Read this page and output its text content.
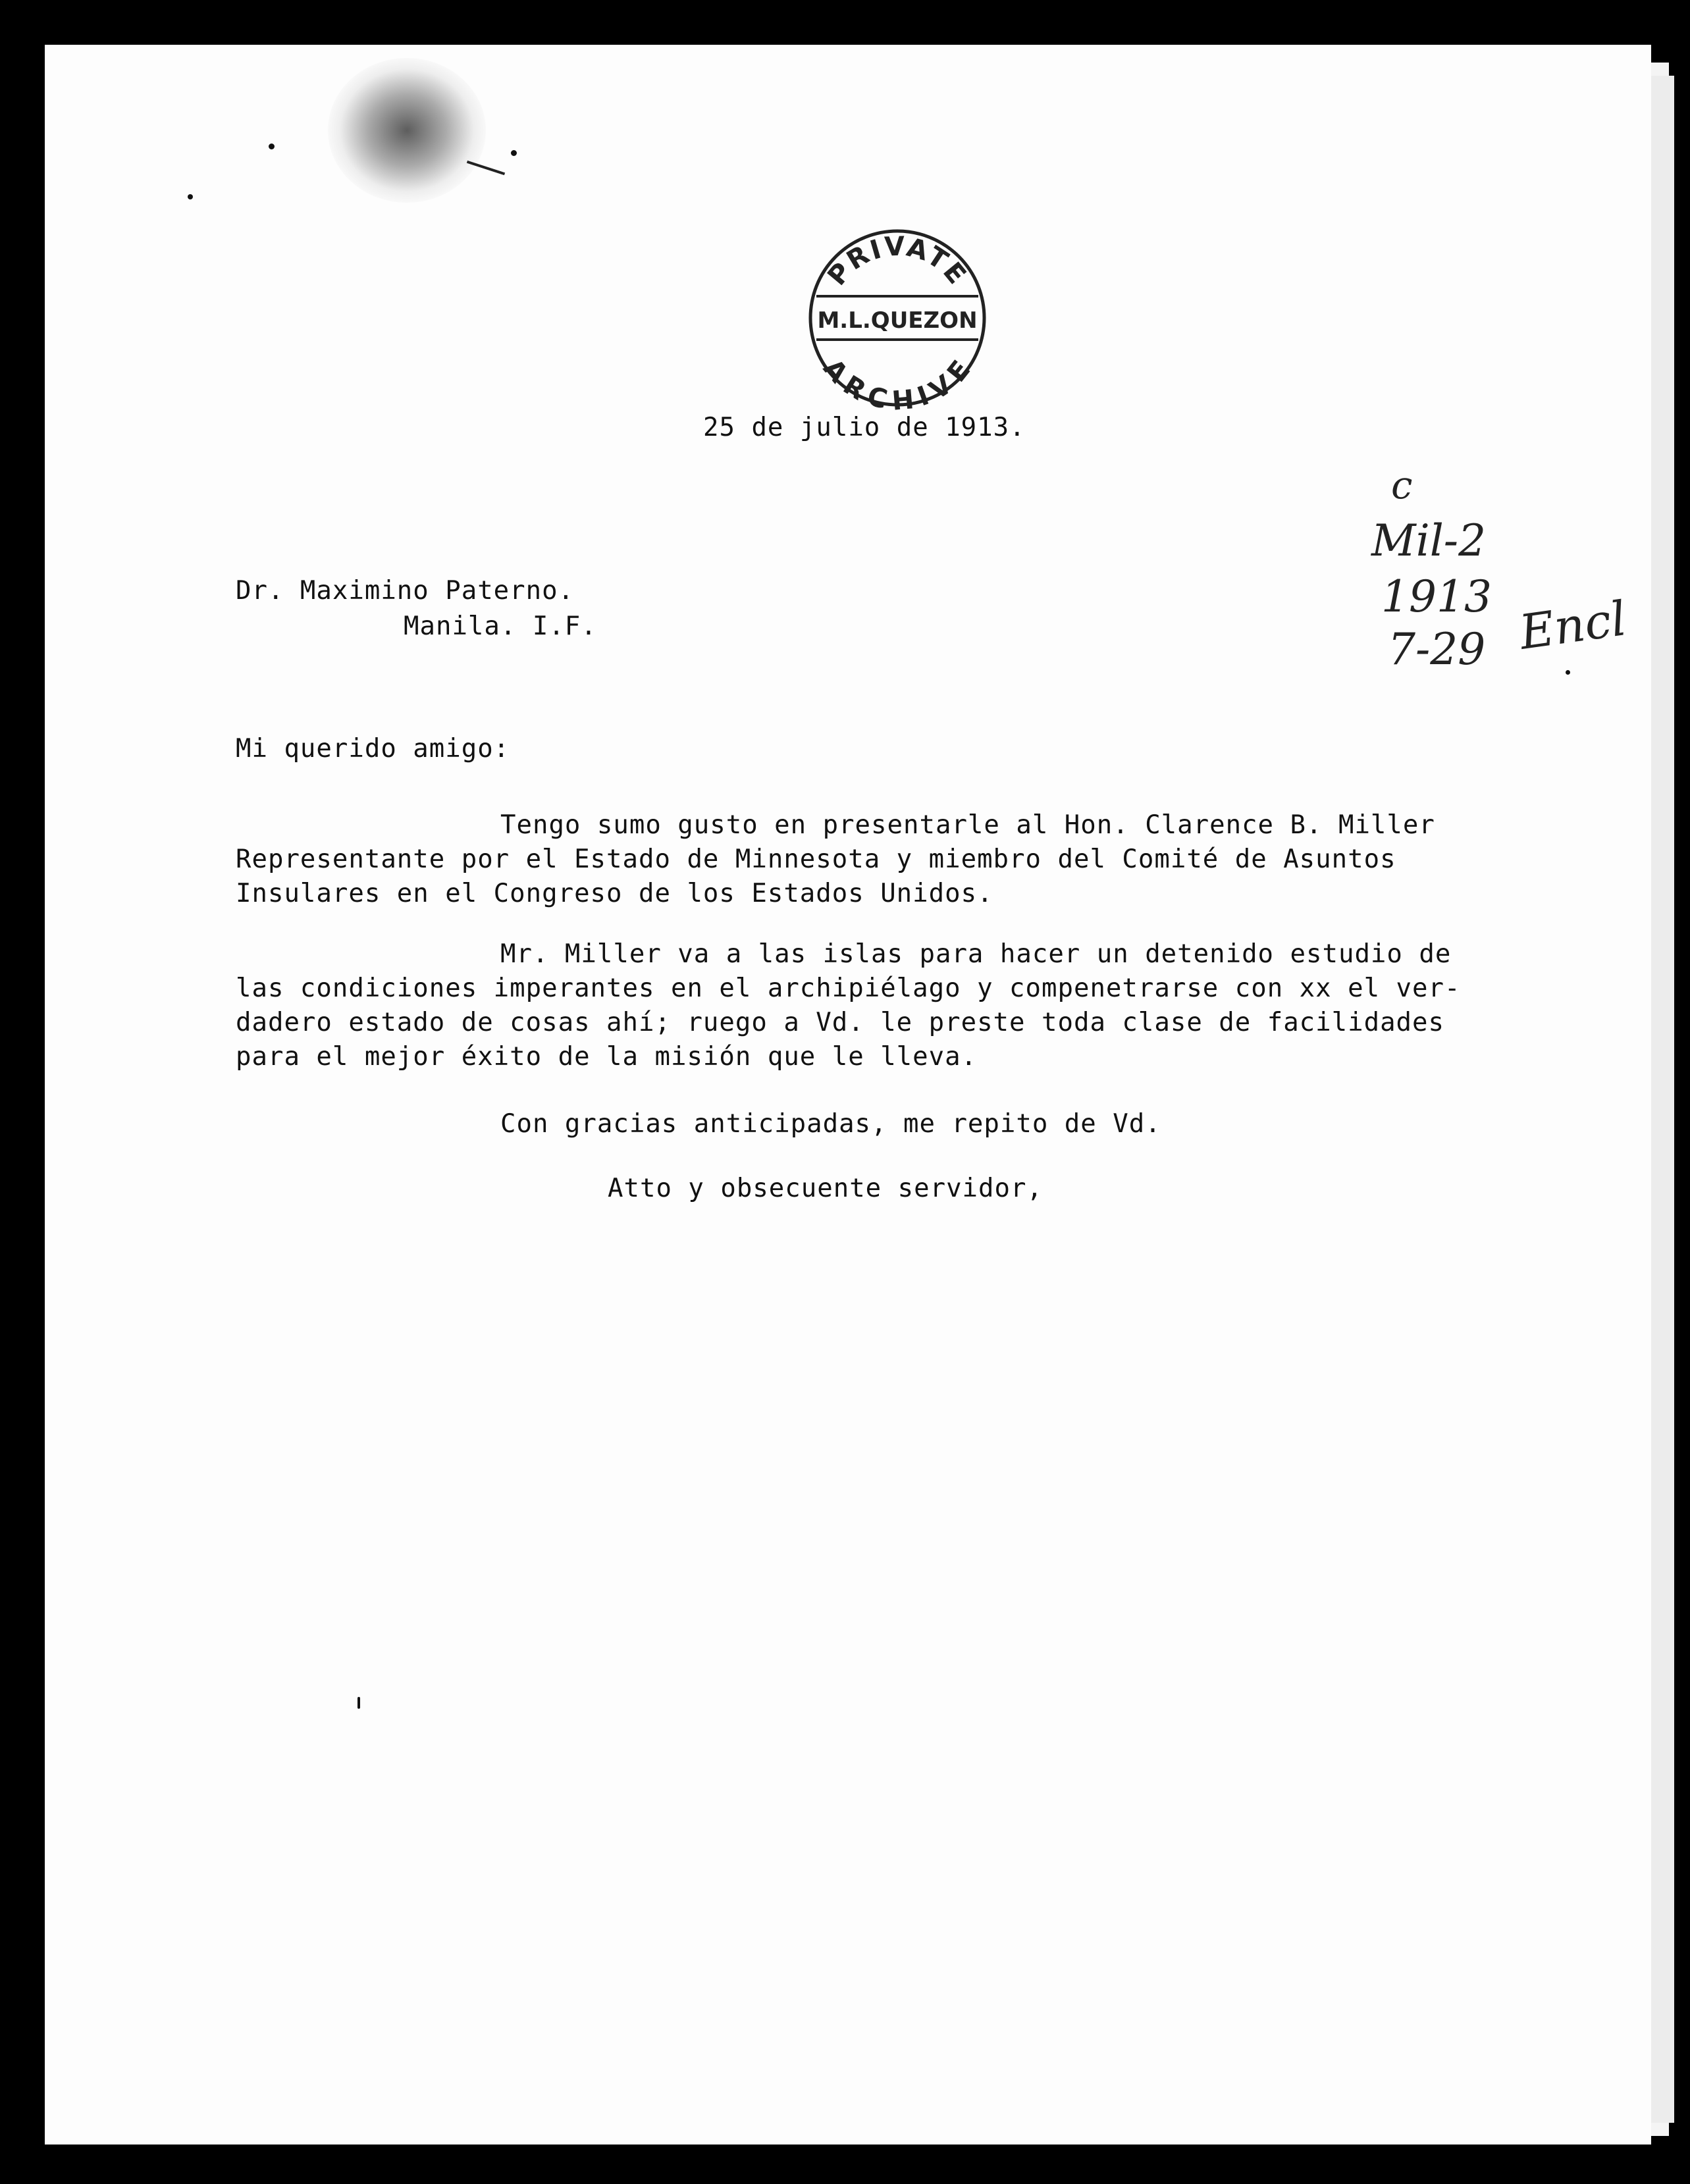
PRIVATE
M.L.QUEZON
ARCHIVE

25 de julio de 1913.

c
Mil-2
1913
7-29 Encl

Dr. Maximino Paterno.

Manila. I.F.

Mi querido amigo:

Tengo sumo gusto en presentarle al Hon. Clarence B. Miller

Representante por el Estado de Minnesota y miembro del Comité de Asuntos

Insulares en el Congreso de los Estados Unidos.

Mr. Miller va a las islas para hacer un detenido estudio de

las condiciones imperantes en el archipiélago y compenetrarse con xx el ver-

dadero estado de cosas ahí; ruego a Vd. le preste toda clase de facilidades

para el mejor éxito de la misión que le lleva.

Con gracias anticipadas, me repito de Vd.

Atto y obsecuente servidor,
